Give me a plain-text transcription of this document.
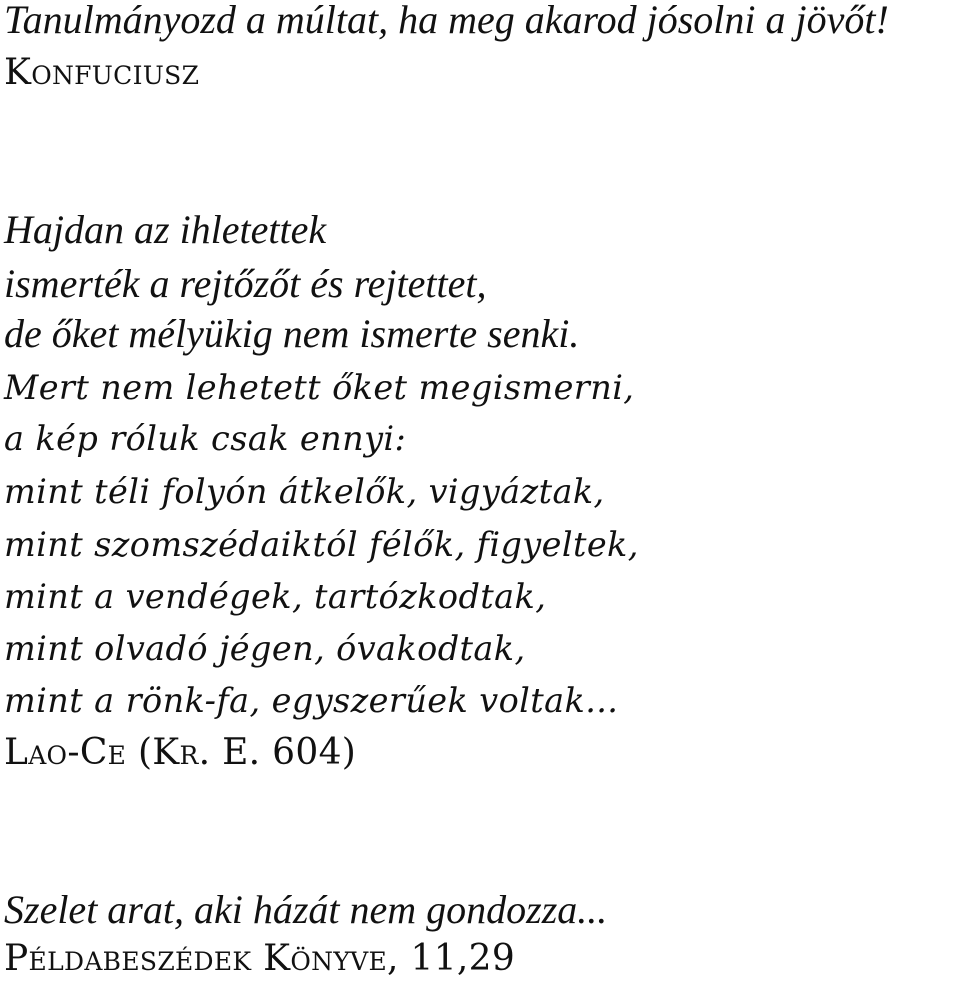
Tanulmányozd a múltat, ha meg akarod jósolni a jövőt!

Konfuciusz

Hajdan az ihletettek

ismerték a rejtőzőt és rejtettet,

de őket mélyükig nem ismerte senki.

Mert nem lehetett őket megismerni,

a kép róluk csak ennyi:

mint téli folyón átkelők, vigyáztak,

mint szomszédaiktól félők, figyeltek,

mint a vendégek, tartózkodtak,

mint olvadó jégen, óvakodtak,

mint a rönk-fa, egyszerűek voltak...

Lao-Ce (Kr. E. 604)

Szelet arat, aki házát nem gondozza...

Példabeszédek Könyve, 11,29
